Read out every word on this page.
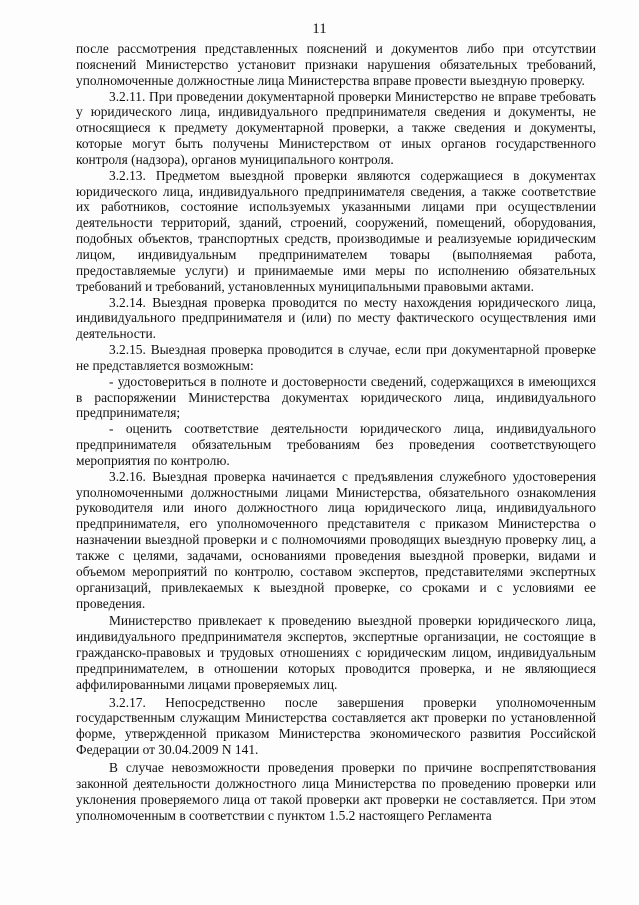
11

после рассмотрения представленных пояснений и документов либо при отсутствии пояснений Министерство установит признаки нарушения обязательных требований, уполномоченные должностные лица Министерства вправе провести выездную проверку.

3.2.11. При проведении документарной проверки Министерство не вправе требовать у юридического лица, индивидуального предпринимателя сведения и документы, не относящиеся к предмету документарной проверки, а также сведения и документы, которые могут быть получены Министерством от иных органов государственного контроля (надзора), органов муниципального контроля.

3.2.13. Предметом выездной проверки являются содержащиеся в документах юридического лица, индивидуального предпринимателя сведения, а также соответствие их работников, состояние используемых указанными лицами при осуществлении деятельности территорий, зданий, строений, сооружений, помещений, оборудования, подобных объектов, транспортных средств, производимые и реализуемые юридическим лицом, индивидуальным предпринимателем товары (выполняемая работа, предоставляемые услуги) и принимаемые ими меры по исполнению обязательных требований и требований, установленных муниципальными правовыми актами.

3.2.14. Выездная проверка проводится по месту нахождения юридического лица, индивидуального предпринимателя и (или) по месту фактического осуществления ими деятельности.

3.2.15. Выездная проверка проводится в случае, если при документарной проверке не представляется возможным:

- удостовериться в полноте и достоверности сведений, содержащихся в имеющихся в распоряжении Министерства документах юридического лица, индивидуального предпринимателя;

- оценить соответствие деятельности юридического лица, индивидуального предпринимателя обязательным требованиям без проведения соответствующего мероприятия по контролю.

3.2.16. Выездная проверка начинается с предъявления служебного удостоверения уполномоченными должностными лицами Министерства, обязательного ознакомления руководителя или иного должностного лица юридического лица, индивидуального предпринимателя, его уполномоченного представителя с приказом Министерства о назначении выездной проверки и с полномочиями проводящих выездную проверку лиц, а также с целями, задачами, основаниями проведения выездной проверки, видами и объемом мероприятий по контролю, составом экспертов, представителями экспертных организаций, привлекаемых к выездной проверке, со сроками и с условиями ее проведения.

Министерство привлекает к проведению выездной проверки юридического лица, индивидуального предпринимателя экспертов, экспертные организации, не состоящие в гражданско-правовых и трудовых отношениях с юридическим лицом, индивидуальным предпринимателем, в отношении которых проводится проверка, и не являющиеся аффилированными лицами проверяемых лиц.

3.2.17. Непосредственно после завершения проверки уполномоченным государственным служащим Министерства составляется акт проверки по установленной форме, утвержденной приказом Министерства экономического развития Российской Федерации от 30.04.2009 N 141.

В случае невозможности проведения проверки по причине воспрепятствования законной деятельности должностного лица Министерства по проведению проверки или уклонения проверяемого лица от такой проверки акт проверки не составляется. При этом уполномоченным в соответствии с пунктом 1.5.2 настоящего Регламента
